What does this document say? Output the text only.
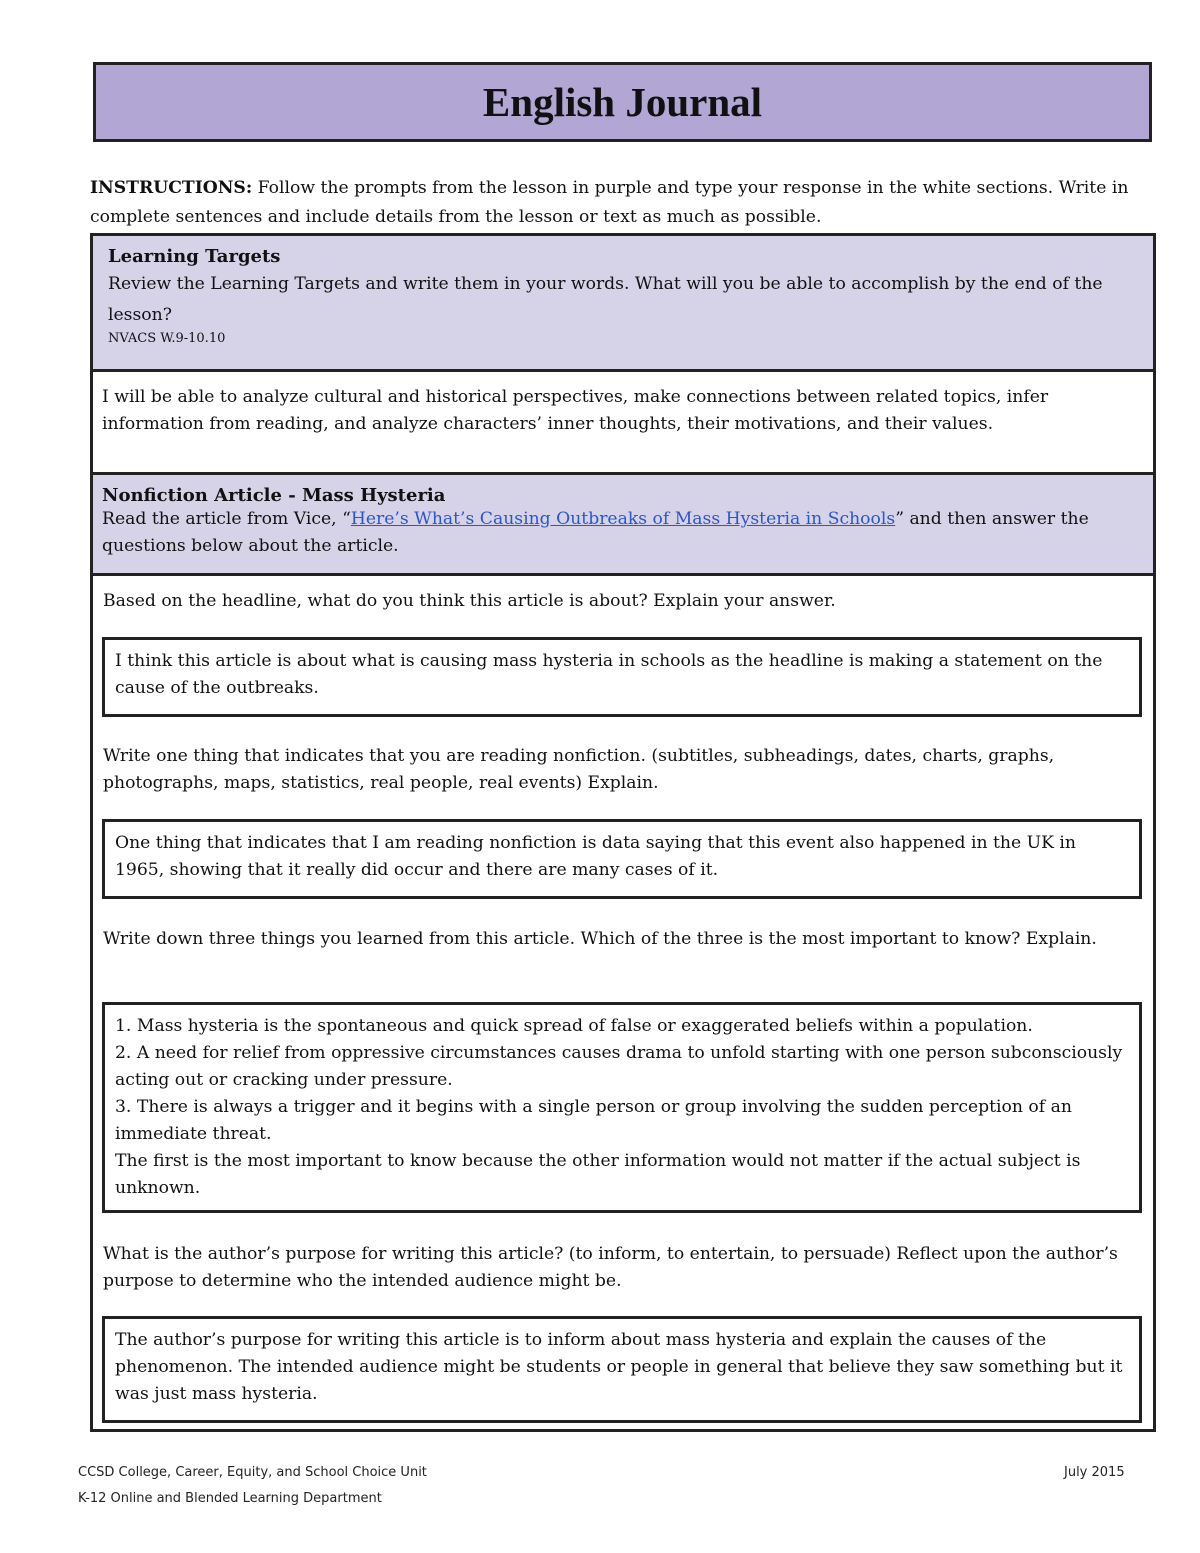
English Journal
INSTRUCTIONS: Follow the prompts from the lesson in purple and type your response in the white sections. Write in complete sentences and include details from the lesson or text as much as possible.
Learning Targets
Review the Learning Targets and write them in your words. What will you be able to accomplish by the end of the lesson?
NVACS W.9-10.10
I will be able to analyze cultural and historical perspectives, make connections between related topics, infer information from reading, and analyze characters’ inner thoughts, their motivations, and their values.
Nonfiction Article - Mass Hysteria
Read the article from Vice, “Here’s What’s Causing Outbreaks of Mass Hysteria in Schools” and then answer the questions below about the article.
Based on the headline, what do you think this article is about? Explain your answer.
I think this article is about what is causing mass hysteria in schools as the headline is making a statement on the cause of the outbreaks.
Write one thing that indicates that you are reading nonfiction. (subtitles, subheadings, dates, charts, graphs, photographs, maps, statistics, real people, real events) Explain.
One thing that indicates that I am reading nonfiction is data saying that this event also happened in the UK in 1965, showing that it really did occur and there are many cases of it.
Write down three things you learned from this article. Which of the three is the most important to know? Explain.
1. Mass hysteria is the spontaneous and quick spread of false or exaggerated beliefs within a population.
2. A need for relief from oppressive circumstances causes drama to unfold starting with one person subconsciously acting out or cracking under pressure.
3. There is always a trigger and it begins with a single person or group involving the sudden perception of an immediate threat.
The first is the most important to know because the other information would not matter if the actual subject is unknown.
What is the author’s purpose for writing this article? (to inform, to entertain, to persuade) Reflect upon the author’s purpose to determine who the intended audience might be.
The author’s purpose for writing this article is to inform about mass hysteria and explain the causes of the phenomenon. The intended audience might be students or people in general that believe they saw something but it was just mass hysteria.
CCSD College, Career, Equity, and School Choice Unit
K-12 Online and Blended Learning Department
July 2015
